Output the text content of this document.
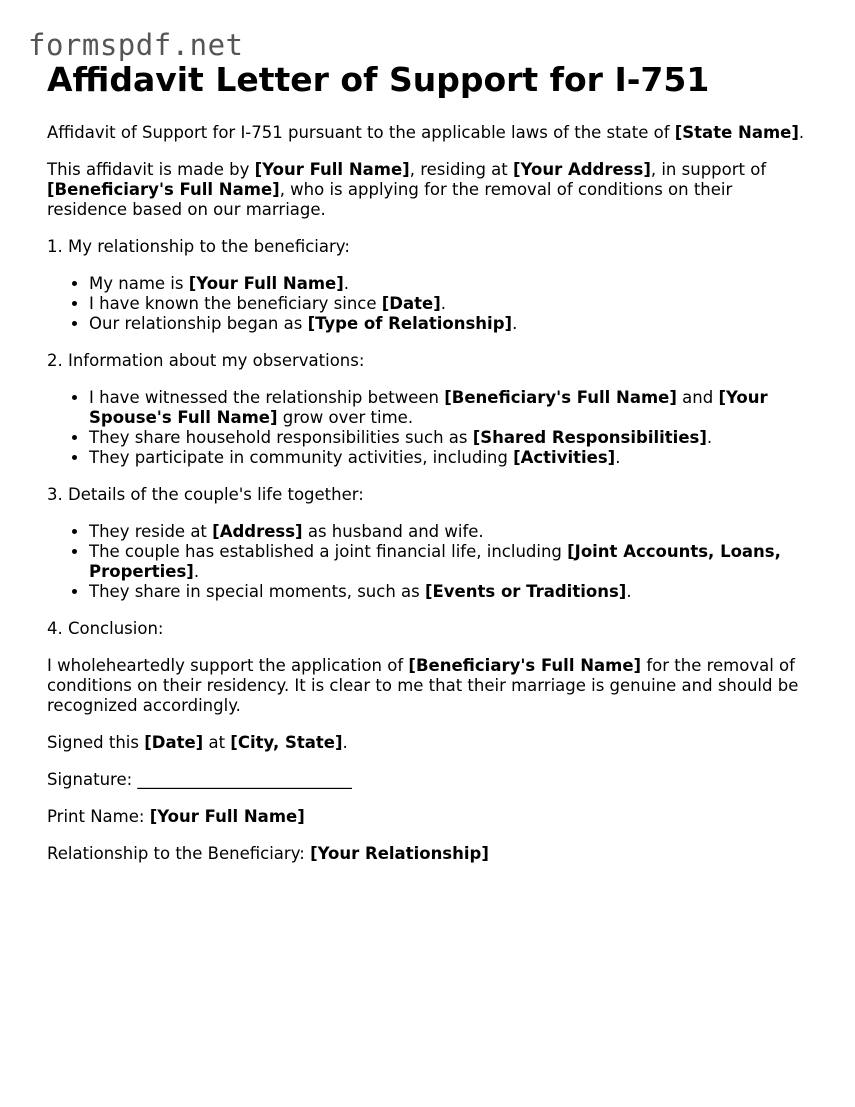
formspdf.net
Affidavit Letter of Support for I-751

Affidavit of Support for I-751 pursuant to the applicable laws of the state of [State Name].

This affidavit is made by [Your Full Name], residing at [Your Address], in support of [Beneficiary's Full Name], who is applying for the removal of conditions on their residence based on our marriage.

1. My relationship to the beneficiary:

• My name is [Your Full Name].
• I have known the beneficiary since [Date].
• Our relationship began as [Type of Relationship].

2. Information about my observations:

• I have witnessed the relationship between [Beneficiary's Full Name] and [Your Spouse's Full Name] grow over time.
• They share household responsibilities such as [Shared Responsibilities].
• They participate in community activities, including [Activities].

3. Details of the couple's life together:

• They reside at [Address] as husband and wife.
• The couple has established a joint financial life, including [Joint Accounts, Loans, Properties].
• They share in special moments, such as [Events or Traditions].

4. Conclusion:

I wholeheartedly support the application of [Beneficiary's Full Name] for the removal of conditions on their residency. It is clear to me that their marriage is genuine and should be recognized accordingly.

Signed this [Date] at [City, State].

Signature: __________________________

Print Name: [Your Full Name]

Relationship to the Beneficiary: [Your Relationship]
